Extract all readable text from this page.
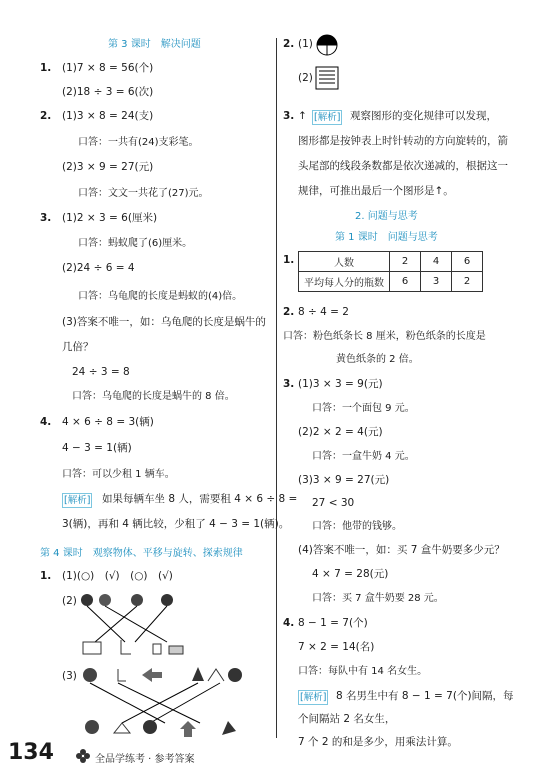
第 3 课时　解决问题
1. (1)7 × 8 = 56(个)
(2)18 ÷ 3 = 6(次)
2. (1)3 × 8 = 24(支)
口答：一共有(24)支彩笔。
(2)3 × 9 = 27(元)
口答：文文一共花了(27)元。
3. (1)2 × 3 = 6(厘米)
口答：蚂蚁爬了(6)厘米。
(2)24 ÷ 6 = 4
口答：乌龟爬的长度是蚂蚁的(4)倍。
(3)答案不唯一，如：乌龟爬的长度是蜗牛的
几倍？
24 ÷ 3 = 8
口答：乌龟爬的长度是蜗牛的 8 倍。
4. 4 × 6 ÷ 8 = 3(辆)
4 − 3 = 1(辆)
口答：可以少租 1 辆车。
[解析] 如果每辆车坐 8 人，需要租 4 × 6 ÷ 8 =
3(辆)，再和 4 辆比较，少租了 4 − 3 = 1(辆)。
第 4 课时　观察物体、平移与旋转、探索规律
1. (1)(○)　(√)　(○)　(√)
(2)
(3)
2. (1)
(2)
3. ↑ [解析] 观察图形的变化规律可以发现，
图形都是按钟表上时针转动的方向旋转的，箭
头尾部的线段条数都是依次递减的，根据这一
规律，可推出最后一个图形是↑。
2. 问题与思考
第 1 课时　问题与思考
1.	人数	2	4	6
平均每人分的瓶数	6	3	2
2. 8 ÷ 4 = 2
口答：粉色纸条长 8 厘米，粉色纸条的长度是
黄色纸条的 2 倍。
3. (1)3 × 3 = 9(元)
口答：一个面包 9 元。
(2)2 × 2 = 4(元)
口答：一盒牛奶 4 元。
(3)3 × 9 = 27(元)
27 < 30
口答：他带的钱够。
(4)答案不唯一，如：买 7 盒牛奶要多少元？
4 × 7 = 28(元)
口答：买 7 盒牛奶要 28 元。
4. 8 − 1 = 7(个)
7 × 2 = 14(名)
口答：每队中有 14 名女生。
[解析] 8 名男生中有 8 − 1 = 7(个)间隔，每
个间隔站 2 名女生，
7 个 2 的和是多少，用乘法计算。
134	全品学练考 · 参考答案
